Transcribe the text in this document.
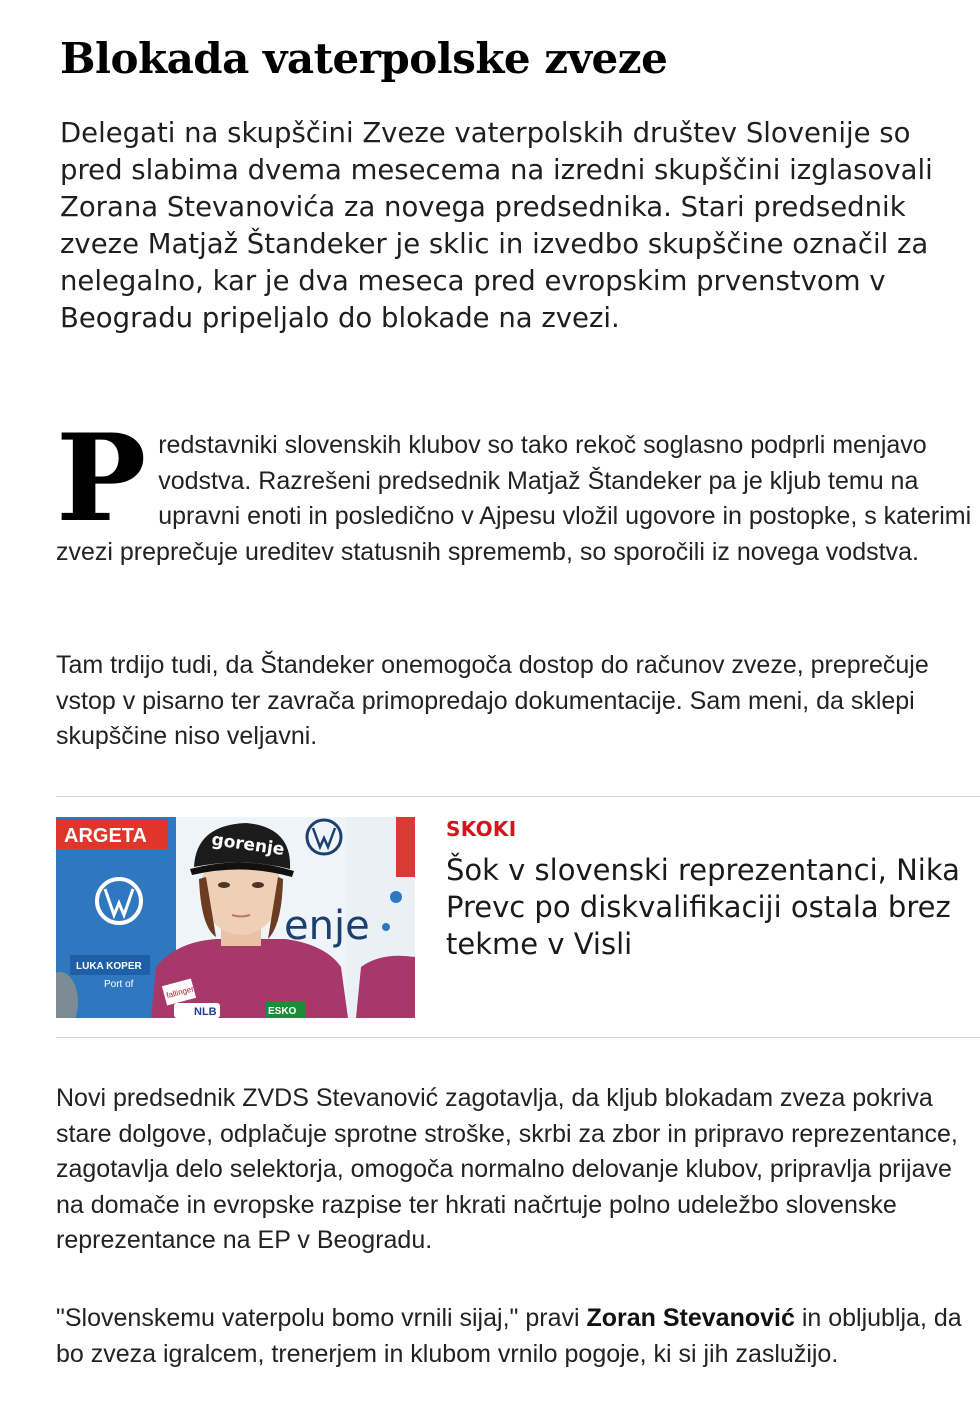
Blokada vaterpolske zveze

Delegati na skupščini Zveze vaterpolskih društev Slovenije so pred slabima dvema mesecema na izredni skupščini izglasovali Zorana Stevanovića za novega predsednika. Stari predsednik zveze Matjaž Štandeker je sklic in izvedbo skupščine označil za nelegalno, kar je dva meseca pred evropskim prvenstvom v Beogradu pripeljalo do blokade na zvezi.

Predstavniki slovenskih klubov so tako rekoč soglasno podprli menjavo vodstva. Razrešeni predsednik Matjaž Štandeker pa je kljub temu na upravni enoti in posledično v Ajpesu vložil ugovore in postopke, s katerimi zvezi preprečuje ureditev statusnih sprememb, so sporočili iz novega vodstva.

Tam trdijo tudi, da Štandeker onemogoča dostop do računov zveze, preprečuje vstop v pisarno ter zavrača primopredajo dokumentacije. Sam meni, da sklepi skupščine niso veljavni.

ARGETA
enje
LUKA KOPER
Port of
gorenje
fallinger
NLB	ESKO
SKOKI
Šok v slovenski reprezentanci, Nika Prevc po diskvalifikaciji ostala brez tekme v Visli

Novi predsednik ZVDS Stevanović zagotavlja, da kljub blokadam zveza pokriva stare dolgove, odplačuje sprotne stroške, skrbi za zbor in pripravo reprezentance, zagotavlja delo selektorja, omogoča normalno delovanje klubov, pripravlja prijave na domače in evropske razpise ter hkrati načrtuje polno udeležbo slovenske reprezentance na EP v Beogradu.

"Slovenskemu vaterpolu bomo vrnili sijaj," pravi Zoran Stevanović in obljublja, da bo zveza igralcem, trenerjem in klubom vrnilo pogoje, ki si jih zaslužijo.
